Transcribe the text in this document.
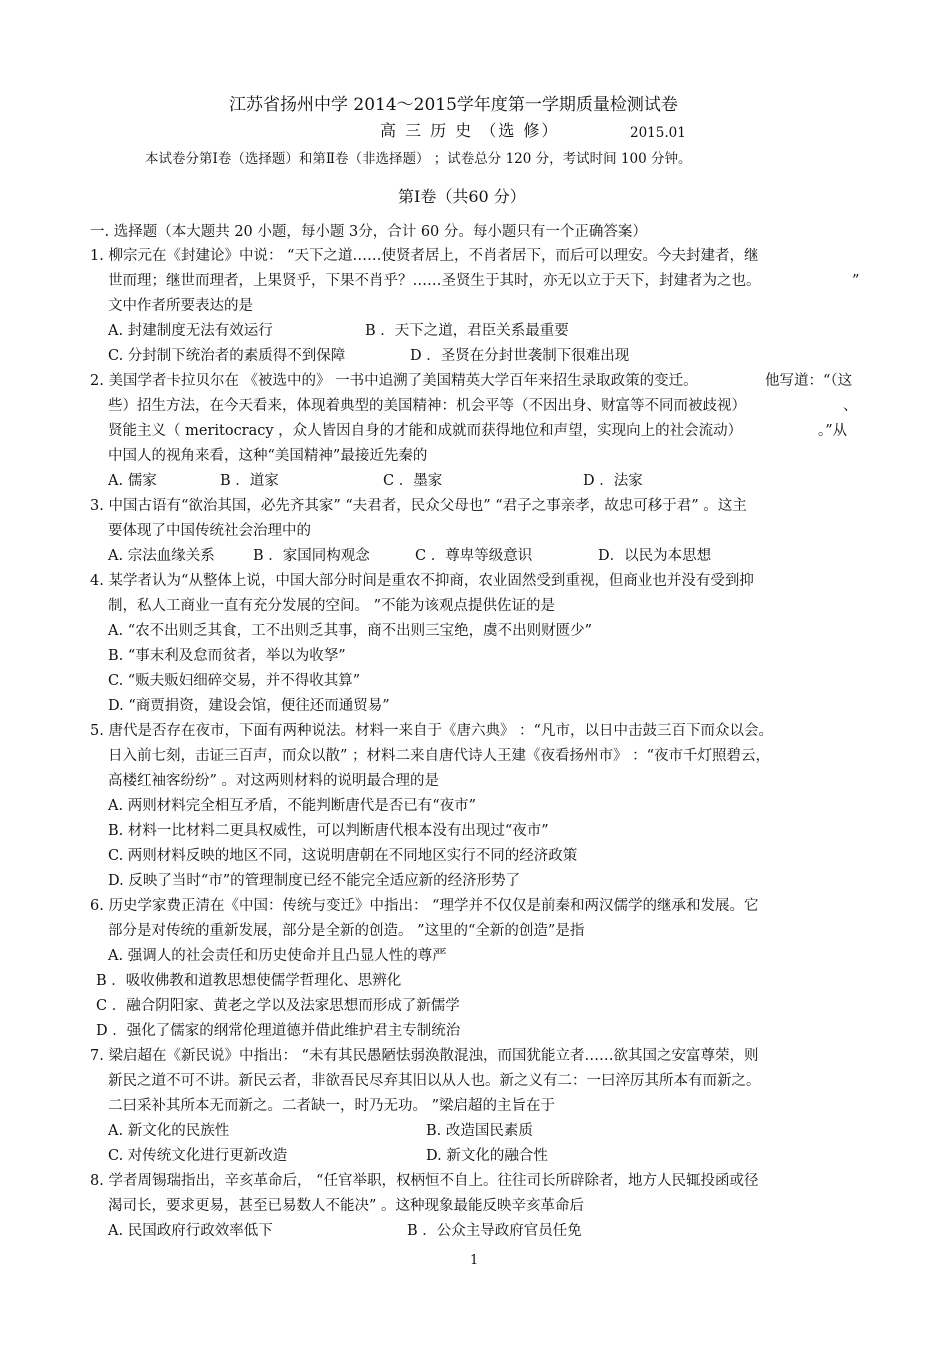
江苏省扬州中学 2014～2015学年度第一学期质量检测试卷
高 三 历 史 （选 修）	2015.01
本试卷分第Ⅰ卷（选择题）和第Ⅱ卷（非选择题） ；试卷总分 120 分，考试时间 100 分钟。
第Ⅰ卷（共60 分）
一. 选择题（本大题共 20 小题，每小题 3分，合计 60 分。每小题只有一个正确答案）
1. 柳宗元在《封建论》中说： “天下之道……使贤者居上，不肖者居下，而后可以理安。今夫封建者，继
世而理；继世而理者，上果贤乎，下果不肖乎？……圣贤生于其时，亦无以立于天下，封建者为之也。	”
文中作者所要表达的是
A. 封建制度无法有效运行	B ．天下之道，君臣关系最重要
C. 分封制下统治者的素质得不到保障	D ．圣贤在分封世袭制下很难出现
2. 美国学者卡拉贝尔在 《被选中的》 一书中追溯了美国精英大学百年来招生录取政策的变迁。	他写道：“（这
些）招生方法，在今天看来，体现着典型的美国精神：机会平等（不因出身、财富等不同而被歧视）	、
贤能主义（ meritocracy ，众人皆因自身的才能和成就而获得地位和声望，实现向上的社会流动）	。”从
中国人的视角来看，这种“美国精神”最接近先秦的
A. 儒家	B ．道家	C ．墨家	D ．法家
3. 中国古语有“欲治其国，必先齐其家” “夫君者，民众父母也” “君子之事亲孝，故忠可移于君” 。这主
要体现了中国传统社会治理中的
A. 宗法血缘关系	B ．家国同构观念	C ．尊卑等级意识	D．以民为本思想
4. 某学者认为“从整体上说，中国大部分时间是重农不抑商，农业固然受到重视，但商业也并没有受到抑
制，私人工商业一直有充分发展的空间。 ”不能为该观点提供佐证的是
A. “农不出则乏其食，工不出则乏其事，商不出则三宝绝，虞不出则财匮少”
B. “事末利及怠而贫者，举以为收孥”
C. “贩夫贩妇细碎交易，并不得收其算”
D. “商贾捐资，建设会馆，便往还而通贸易”
5. 唐代是否存在夜市，下面有两种说法。材料一来自于《唐六典》 ：“凡市，以日中击鼓三百下而众以会。
日入前七刻，击证三百声，而众以散” ；材料二来自唐代诗人王建《夜看扬州市》 ：“夜市千灯照碧云，
高楼红袖客纷纷” 。对这两则材料的说明最合理的是
A. 两则材料完全相互矛盾，不能判断唐代是否已有“夜市”
B. 材料一比材料二更具权威性，可以判断唐代根本没有出现过“夜市”
C. 两则材料反映的地区不同，这说明唐朝在不同地区实行不同的经济政策
D. 反映了当时“市”的管理制度已经不能完全适应新的经济形势了
6. 历史学家费正清在《中国：传统与变迁》中指出： “理学并不仅仅是前秦和两汉儒学的继承和发展。它
部分是对传统的重新发展，部分是全新的创造。 ”这里的“全新的创造”是指
A. 强调人的社会责任和历史使命并且凸显人性的尊严
B ．吸收佛教和道教思想使儒学哲理化、思辨化
C ．融合阴阳家、黄老之学以及法家思想而形成了新儒学
D ．强化了儒家的纲常伦理道德并借此维护君主专制统治
7. 梁启超在《新民说》中指出： “未有其民愚陋怯弱涣散混浊，而国犹能立者……欲其国之安富尊荣，则
新民之道不可不讲。新民云者，非欲吾民尽弃其旧以从人也。新之义有二：一曰淬厉其所本有而新之。
二曰采补其所本无而新之。二者缺一，时乃无功。 ”梁启超的主旨在于
A. 新文化的民族性	B. 改造国民素质
C. 对传统文化进行更新改造	D. 新文化的融合性
8. 学者周锡瑞指出，辛亥革命后， “任官举职，权柄恒不自上。往往司长所辟除者，地方人民辄投函或径
渴司长，要求更易，甚至已易数人不能决” 。这种现象最能反映辛亥革命后
A. 民国政府行政效率低下	B ．公众主导政府官员任免
1
